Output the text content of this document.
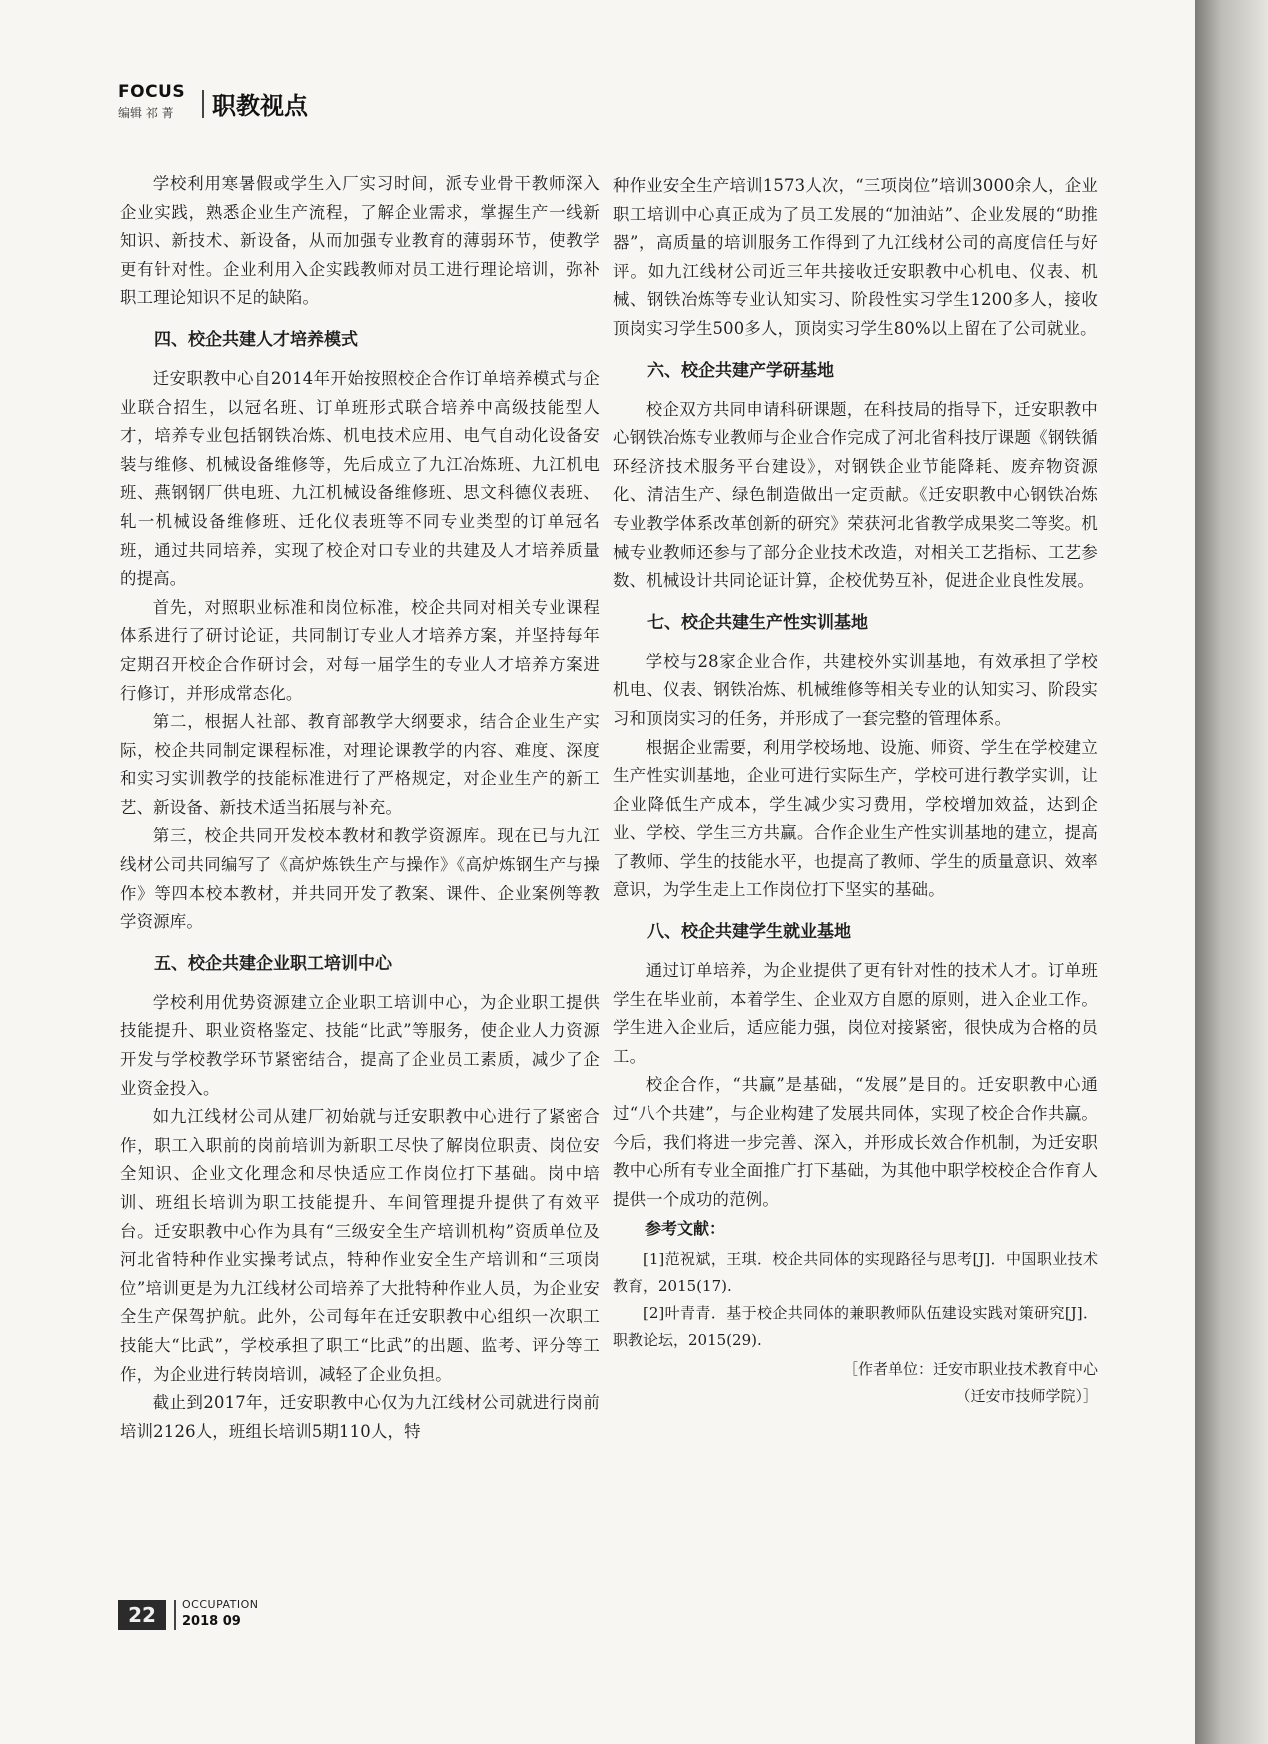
FOCUS
编辑 祁 菁 职教视点

学校利用寒暑假或学生入厂实习时间，派专业骨干教师深入企业实践，熟悉企业生产流程，了解企业需求，掌握生产一线新知识、新技术、新设备，从而加强专业教育的薄弱环节，使教学更有针对性。企业利用入企实践教师对员工进行理论培训，弥补职工理论知识不足的缺陷。

四、校企共建人才培养模式

迁安职教中心自2014年开始按照校企合作订单培养模式与企业联合招生，以冠名班、订单班形式联合培养中高级技能型人才，培养专业包括钢铁冶炼、机电技术应用、电气自动化设备安装与维修、机械设备维修等，先后成立了九江冶炼班、九江机电班、燕钢钢厂供电班、九江机械设备维修班、思文科德仪表班、轧一机械设备维修班、迁化仪表班等不同专业类型的订单冠名班，通过共同培养，实现了校企对口专业的共建及人才培养质量的提高。

首先，对照职业标准和岗位标准，校企共同对相关专业课程体系进行了研讨论证，共同制订专业人才培养方案，并坚持每年定期召开校企合作研讨会，对每一届学生的专业人才培养方案进行修订，并形成常态化。

第二，根据人社部、教育部教学大纲要求，结合企业生产实际，校企共同制定课程标准，对理论课教学的内容、难度、深度和实习实训教学的技能标准进行了严格规定，对企业生产的新工艺、新设备、新技术适当拓展与补充。

第三，校企共同开发校本教材和教学资源库。现在已与九江线材公司共同编写了《高炉炼铁生产与操作》《高炉炼钢生产与操作》等四本校本教材，并共同开发了教案、课件、企业案例等教学资源库。

五、校企共建企业职工培训中心

学校利用优势资源建立企业职工培训中心，为企业职工提供技能提升、职业资格鉴定、技能“比武”等服务，使企业人力资源开发与学校教学环节紧密结合，提高了企业员工素质，减少了企业资金投入。

如九江线材公司从建厂初始就与迁安职教中心进行了紧密合作，职工入职前的岗前培训为新职工尽快了解岗位职责、岗位安全知识、企业文化理念和尽快适应工作岗位打下基础。岗中培训、班组长培训为职工技能提升、车间管理提升提供了有效平台。迁安职教中心作为具有“三级安全生产培训机构”资质单位及河北省特种作业实操考试点，特种作业安全生产培训和“三项岗位”培训更是为九江线材公司培养了大批特种作业人员，为企业安全生产保驾护航。此外，公司每年在迁安职教中心组织一次职工技能大“比武”，学校承担了职工“比武”的出题、监考、评分等工作，为企业进行转岗培训，减轻了企业负担。

截止到2017年，迁安职教中心仅为九江线材公司就进行岗前培训2126人，班组长培训5期110人，特

种作业安全生产培训1573人次，“三项岗位”培训3000余人，企业职工培训中心真正成为了员工发展的“加油站”、企业发展的“助推器”，高质量的培训服务工作得到了九江线材公司的高度信任与好评。如九江线材公司近三年共接收迁安职教中心机电、仪表、机械、钢铁冶炼等专业认知实习、阶段性实习学生1200多人，接收顶岗实习学生500多人，顶岗实习学生80%以上留在了公司就业。

六、校企共建产学研基地

校企双方共同申请科研课题，在科技局的指导下，迁安职教中心钢铁冶炼专业教师与企业合作完成了河北省科技厅课题《钢铁循环经济技术服务平台建设》，对钢铁企业节能降耗、废弃物资源化、清洁生产、绿色制造做出一定贡献。《迁安职教中心钢铁冶炼专业教学体系改革创新的研究》荣获河北省教学成果奖二等奖。机械专业教师还参与了部分企业技术改造，对相关工艺指标、工艺参数、机械设计共同论证计算，企校优势互补，促进企业良性发展。

七、校企共建生产性实训基地

学校与28家企业合作，共建校外实训基地，有效承担了学校机电、仪表、钢铁冶炼、机械维修等相关专业的认知实习、阶段实习和顶岗实习的任务，并形成了一套完整的管理体系。

根据企业需要，利用学校场地、设施、师资、学生在学校建立生产性实训基地，企业可进行实际生产，学校可进行教学实训，让企业降低生产成本，学生减少实习费用，学校增加效益，达到企业、学校、学生三方共赢。合作企业生产性实训基地的建立，提高了教师、学生的技能水平，也提高了教师、学生的质量意识、效率意识，为学生走上工作岗位打下坚实的基础。

八、校企共建学生就业基地

通过订单培养，为企业提供了更有针对性的技术人才。订单班学生在毕业前，本着学生、企业双方自愿的原则，进入企业工作。学生进入企业后，适应能力强，岗位对接紧密，很快成为合格的员工。

校企合作，“共赢”是基础，“发展”是目的。迁安职教中心通过“八个共建”，与企业构建了发展共同体，实现了校企合作共赢。今后，我们将进一步完善、深入，并形成长效合作机制，为迁安职教中心所有专业全面推广打下基础，为其他中职学校校企合作育人提供一个成功的范例。

参考文献：

[1]范祝斌，王琪．校企共同体的实现路径与思考[J]．中国职业技术教育，2015(17).

[2]叶青青．基于校企共同体的兼职教师队伍建设实践对策研究[J]．职教论坛，2015(29).

［作者单位：迁安市职业技术教育中心

（迁安市技师学院）］

22	OCCUPATION
2018 09
